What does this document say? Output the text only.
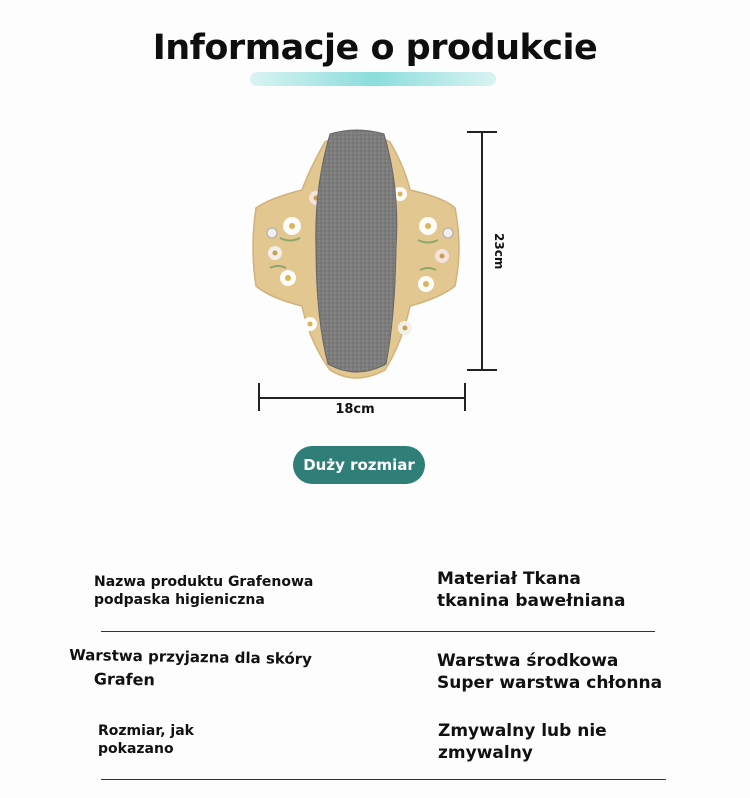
Informacje o produkcie
23cm
18cm
Duży rozmiar
Nazwa produktu Grafenowa
podpaska higieniczna
Materiał Tkana
tkanina bawełniana
Warstwa przyjazna dla skóry
Grafen
Warstwa środkowa
Super warstwa chłonna
Rozmiar, jak
pokazano
Zmywalny lub nie
zmywalny
